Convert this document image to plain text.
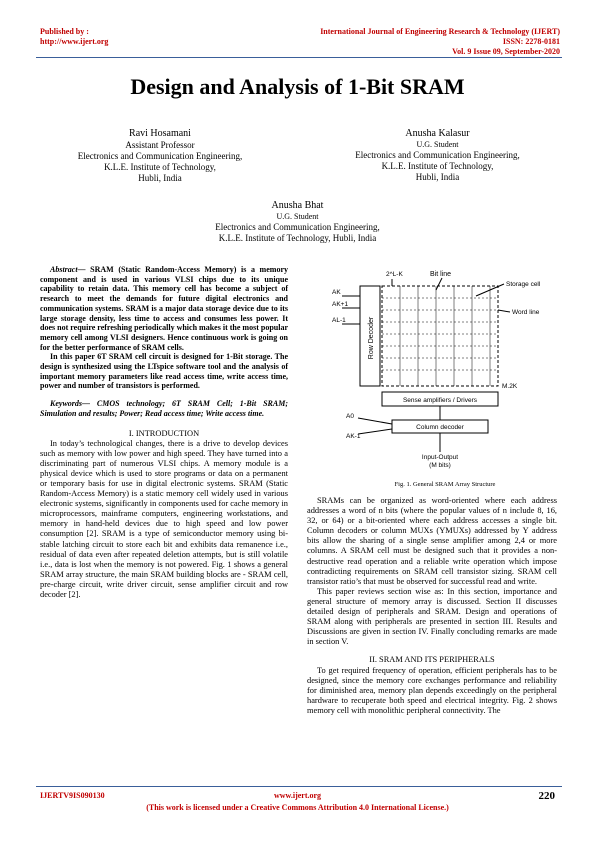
Published by :
http://www.ijert.org
International Journal of Engineering Research & Technology (IJERT)
ISSN: 2278-0181
Vol. 9 Issue 09, September-2020
Design and Analysis of 1-Bit SRAM
Ravi Hosamani
Assistant Professor
Electronics and Communication Engineering,
K.L.E. Institute of Technology,
Hubli, India
Anusha Kalasur
U.G. Student
Electronics and Communication Engineering,
K.L.E. Institute of Technology,
Hubli, India
Anusha Bhat
U.G. Student
Electronics and Communication Engineering,
K.L.E. Institute of Technology, Hubli, India

Abstract— SRAM (Static Random-Access Memory) is a memory component and is used in various VLSI chips due to its unique capability to retain data. This memory cell has become a subject of research to meet the demands for future digital electronics and communication systems. SRAM is a major data storage device due to its large storage density, less time to access and consumes less power. It does not require refreshing periodically which makes it the most popular memory cell among VLSI designers. Hence continuous work is going on for the better performance of SRAM cells.

In this paper 6T SRAM cell circuit is designed for 1-Bit storage. The design is synthesized using the LTspice software tool and the analysis of important memory parameters like read access time, write access time, power and number of transistors is performed.

Keywords— CMOS technology; 6T SRAM Cell; 1-Bit SRAM; Simulation and results; Power; Read access time; Write access time.

I. INTRODUCTION

In today’s technological changes, there is a drive to develop devices such as memory with low power and high speed. They have turned into a discriminating part of numerous VLSI chips. A memory module is a physical device which is used to store programs or data on a permanent or temporary basis for use in digital electronic systems. SRAM (Static Random-Access Memory) is a static memory cell widely used in various electronic systems, significantly in components used for cache memory in microprocessors, mainframe computers, engineering workstations, and memory in hand-held devices due to high speed and low power consumption [2]. SRAM is a type of semiconductor memory using bi-stable latching circuit to store each bit and exhibits data remanence i.e., residual of data even after repeated deletion attempts, but is still volatile i.e., data is lost when the memory is not powered. Fig. 1 shows a general SRAM array structure, the main SRAM building blocks are - SRAM cell, pre-charge circuit, write driver circuit, sense amplifier circuit and row decoder [2].

Row Decoder
AK
AK+1
AL-1
2^L-K	Bit line
Storage cell
Word line
M.2K
Sense amplifiers / Drivers
Column decoder
A0
AK-1
Input-Output
(M bits)
Fig. 1. General SRAM Array Structure

SRAMs can be organized as word-oriented where each address addresses a word of n bits (where the popular values of n include 8, 16, 32, or 64) or a bit-oriented where each address accesses a single bit. Column decoders or column MUXs (YMUXs) addressed by Y address bits allow the sharing of a single sense amplifier among 2,4 or more columns. A SRAM cell must be designed such that it provides a non-destructive read operation and a reliable write operation which impose contradicting requirements on SRAM cell transistor sizing. SRAM cell transistor ratio’s that must be observed for successful read and write.

This paper reviews section wise as: In this section, importance and general structure of memory array is discussed. Section II discusses detailed design of peripherals and SRAM. Design and operations of SRAM along with peripherals are presented in section III. Results and Discussions are given in section IV. Finally concluding remarks are made in section V.

II. SRAM AND ITS PERIPHERALS

To get required frequency of operation, efficient peripherals has to be designed, since the memory core exchanges performance and reliability for diminished area, memory plan depends exceedingly on the peripheral hardware to recuperate both speed and electrical integrity. Fig. 2 shows memory cell with monolithic peripheral connectivity. The

IJERTV9IS090130	www.ijert.org	220
(This work is licensed under a Creative Commons Attribution 4.0 International License.)
